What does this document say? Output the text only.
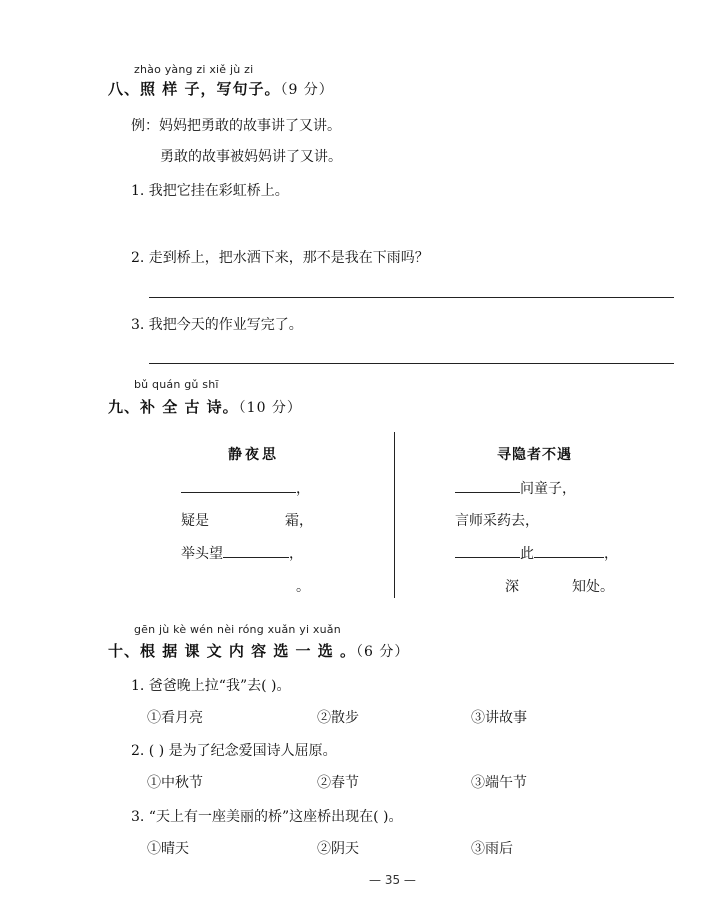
zhào yàng zi xiě jù zi
八、照 样 子，写句子。（9 分）
例：妈妈把勇敢的故事讲了又讲。
勇敢的故事被妈妈讲了又讲。
1. 我把它挂在彩虹桥上。
2. 走到桥上，把水洒下来，那不是我在下雨吗？
3. 我把今天的作业写完了。
bǔ quán gǔ shī
九、补 全 古 诗。（10 分）
静夜思
，
疑是	霜，
举头望	，
。
寻隐者不遇
问童子，
言师采药去，
此	，
深	知处。
gēn jù kè wén nèi róng xuǎn yi xuǎn
十、根 据 课 文 内 容 选 一 选 。（6 分）
1. 爸爸晚上拉“我”去( )。
①看月亮	②散步	③讲故事
2. ( ) 是为了纪念爱国诗人屈原。
①中秋节	②春节	③端午节
3. “天上有一座美丽的桥”这座桥出现在( )。
①晴天	②阴天	③雨后
— 35 —
